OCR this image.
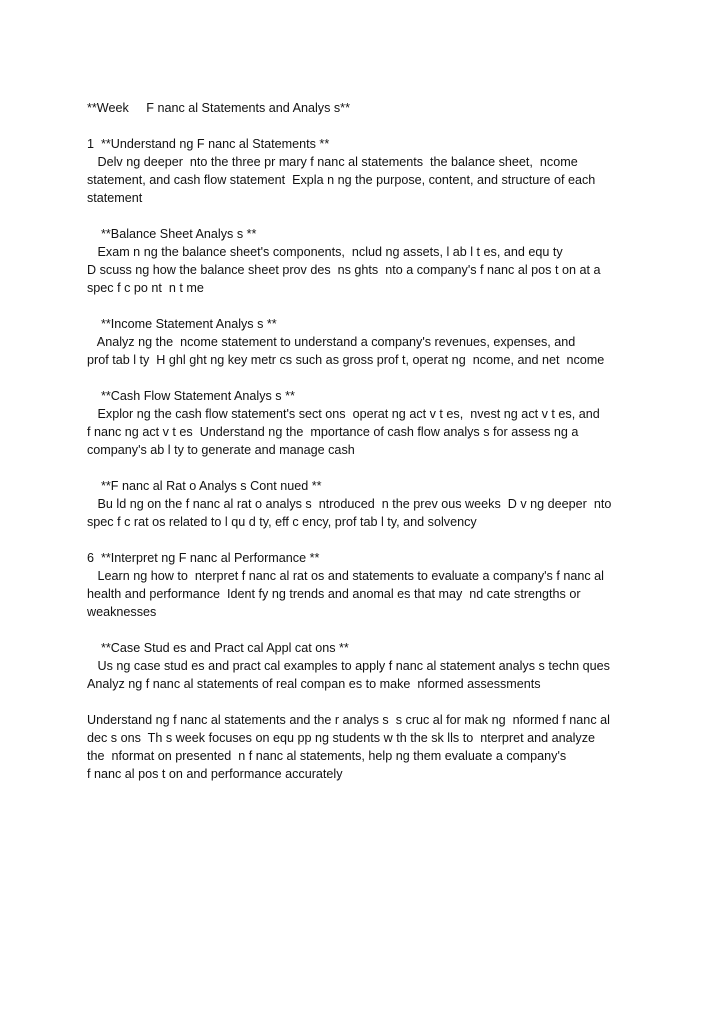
**Week     F nanc al Statements and Analys s**
1  **Understand ng F nanc al Statements **
Delv ng deeper  nto the three pr mary f nanc al statements  the balance sheet,  ncome
statement, and cash flow statement  Expla n ng the purpose, content, and structure of each
statement
**Balance Sheet Analys s **
Exam n ng the balance sheet's components,  nclud ng assets, l ab l t es, and equ ty
D scuss ng how the balance sheet prov des  ns ghts  nto a company's f nanc al pos t on at a
spec f c po nt  n t me
**Income Statement Analys s **
Analyz ng the  ncome statement to understand a company's revenues, expenses, and
prof tab l ty  H ghl ght ng key metr cs such as gross prof t, operat ng  ncome, and net  ncome
**Cash Flow Statement Analys s **
Explor ng the cash flow statement's sect ons  operat ng act v t es,  nvest ng act v t es, and
f nanc ng act v t es  Understand ng the  mportance of cash flow analys s for assess ng a
company's ab l ty to generate and manage cash
**F nanc al Rat o Analys s Cont nued **
Bu ld ng on the f nanc al rat o analys s  ntroduced  n the prev ous weeks  D v ng deeper  nto
spec f c rat os related to l qu d ty, eff c ency, prof tab l ty, and solvency
6  **Interpret ng F nanc al Performance **
Learn ng how to  nterpret f nanc al rat os and statements to evaluate a company's f nanc al
health and performance  Ident fy ng trends and anomal es that may  nd cate strengths or
weaknesses
**Case Stud es and Pract cal Appl cat ons **
Us ng case stud es and pract cal examples to apply f nanc al statement analys s techn ques
Analyz ng f nanc al statements of real compan es to make  nformed assessments
Understand ng f nanc al statements and the r analys s  s cruc al for mak ng  nformed f nanc al
dec s ons  Th s week focuses on equ pp ng students w th the sk lls to  nterpret and analyze
the  nformat on presented  n f nanc al statements, help ng them evaluate a company's
f nanc al pos t on and performance accurately
